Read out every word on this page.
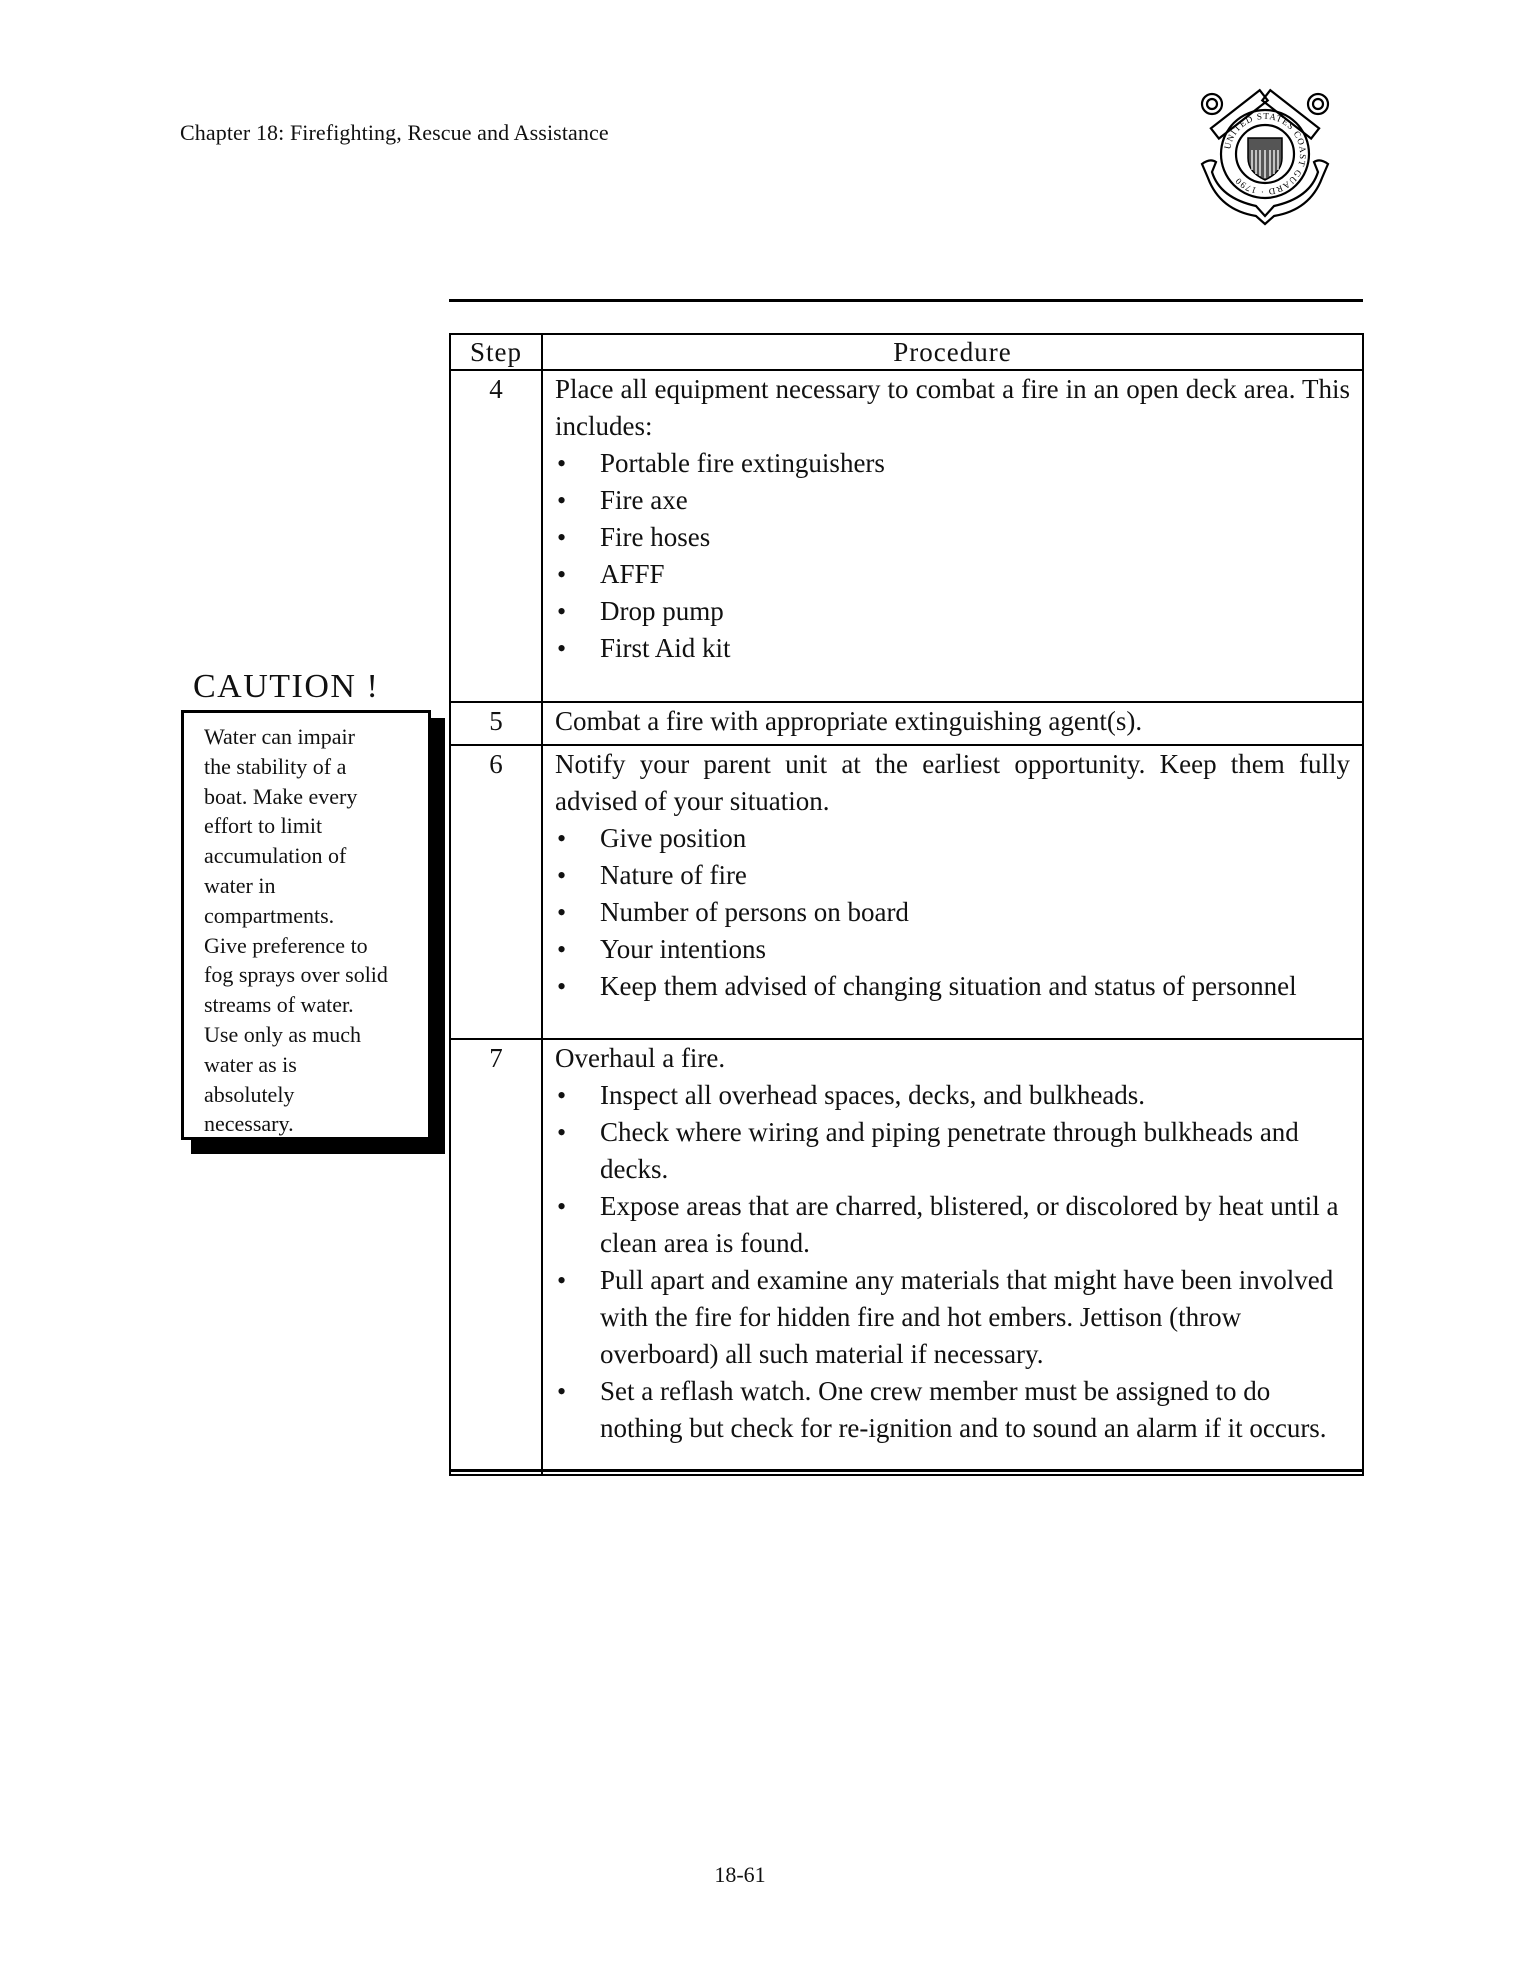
Chapter 18: Firefighting, Rescue and Assistance
UNITED STATES COAST GUARD · 1790
Step	Procedure
4	Place all equipment necessary to combat a fire in an open deck area. This includes:
• Portable fire extinguishers
• Fire axe
• Fire hoses
• AFFF
• Drop pump
• First Aid kit

5	Combat a fire with appropriate extinguishing agent(s).

6	Notify your parent unit at the earliest opportunity. Keep them fully advised of your situation.
• Give position
• Nature of fire
• Number of persons on board
• Your intentions
• Keep them advised of changing situation and status of personnel

7	Overhaul a fire.
• Inspect all overhead spaces, decks, and bulkheads.
• Check where wiring and piping penetrate through bulkheads and decks.
• Expose areas that are charred, blistered, or discolored by heat until a clean area is found.
• Pull apart and examine any materials that might have been involved with the fire for hidden fire and hot embers. Jettison (throw overboard) all such material if necessary.
• Set a reflash watch. One crew member must be assigned to do nothing but check for re-ignition and to sound an alarm if it occurs.
CAUTION !
Water can impair
the stability of a
boat. Make every
effort to limit
accumulation of
water in
compartments.
Give preference to
fog sprays over solid
streams of water.
Use only as much
water as is
absolutely
necessary.
18-61
